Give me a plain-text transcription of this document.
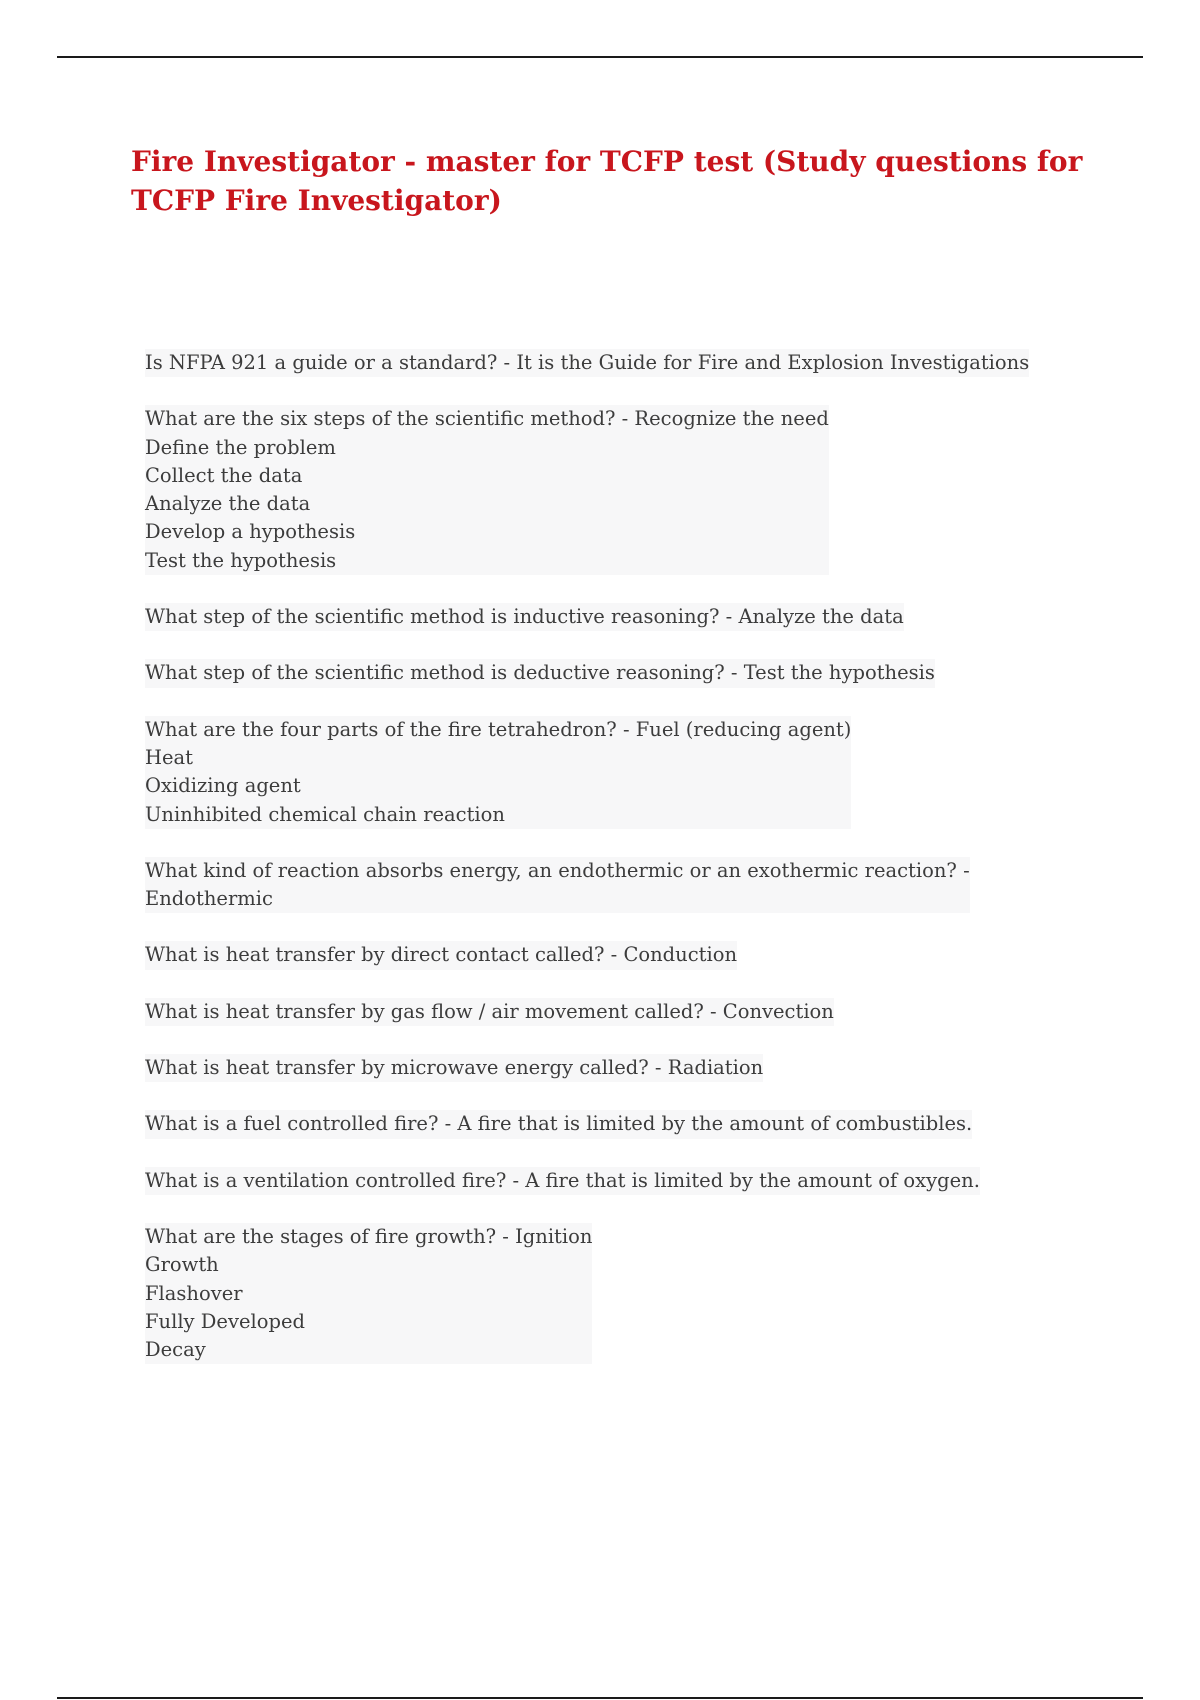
Fire Investigator - master for TCFP test (Study questions for TCFP Fire Investigator)

Is NFPA 921 a guide or a standard? - It is the Guide for Fire and Explosion Investigations

What are the six steps of the scientific method? - Recognize the need
Define the problem
Collect the data
Analyze the data
Develop a hypothesis
Test the hypothesis

What step of the scientific method is inductive reasoning? - Analyze the data

What step of the scientific method is deductive reasoning? - Test the hypothesis

What are the four parts of the fire tetrahedron? - Fuel (reducing agent)
Heat
Oxidizing agent
Uninhibited chemical chain reaction

What kind of reaction absorbs energy, an endothermic or an exothermic reaction? -
Endothermic

What is heat transfer by direct contact called? - Conduction

What is heat transfer by gas flow / air movement called? - Convection

What is heat transfer by microwave energy called? - Radiation

What is a fuel controlled fire? - A fire that is limited by the amount of combustibles.

What is a ventilation controlled fire? - A fire that is limited by the amount of oxygen.

What are the stages of fire growth? - Ignition
Growth
Flashover
Fully Developed
Decay
